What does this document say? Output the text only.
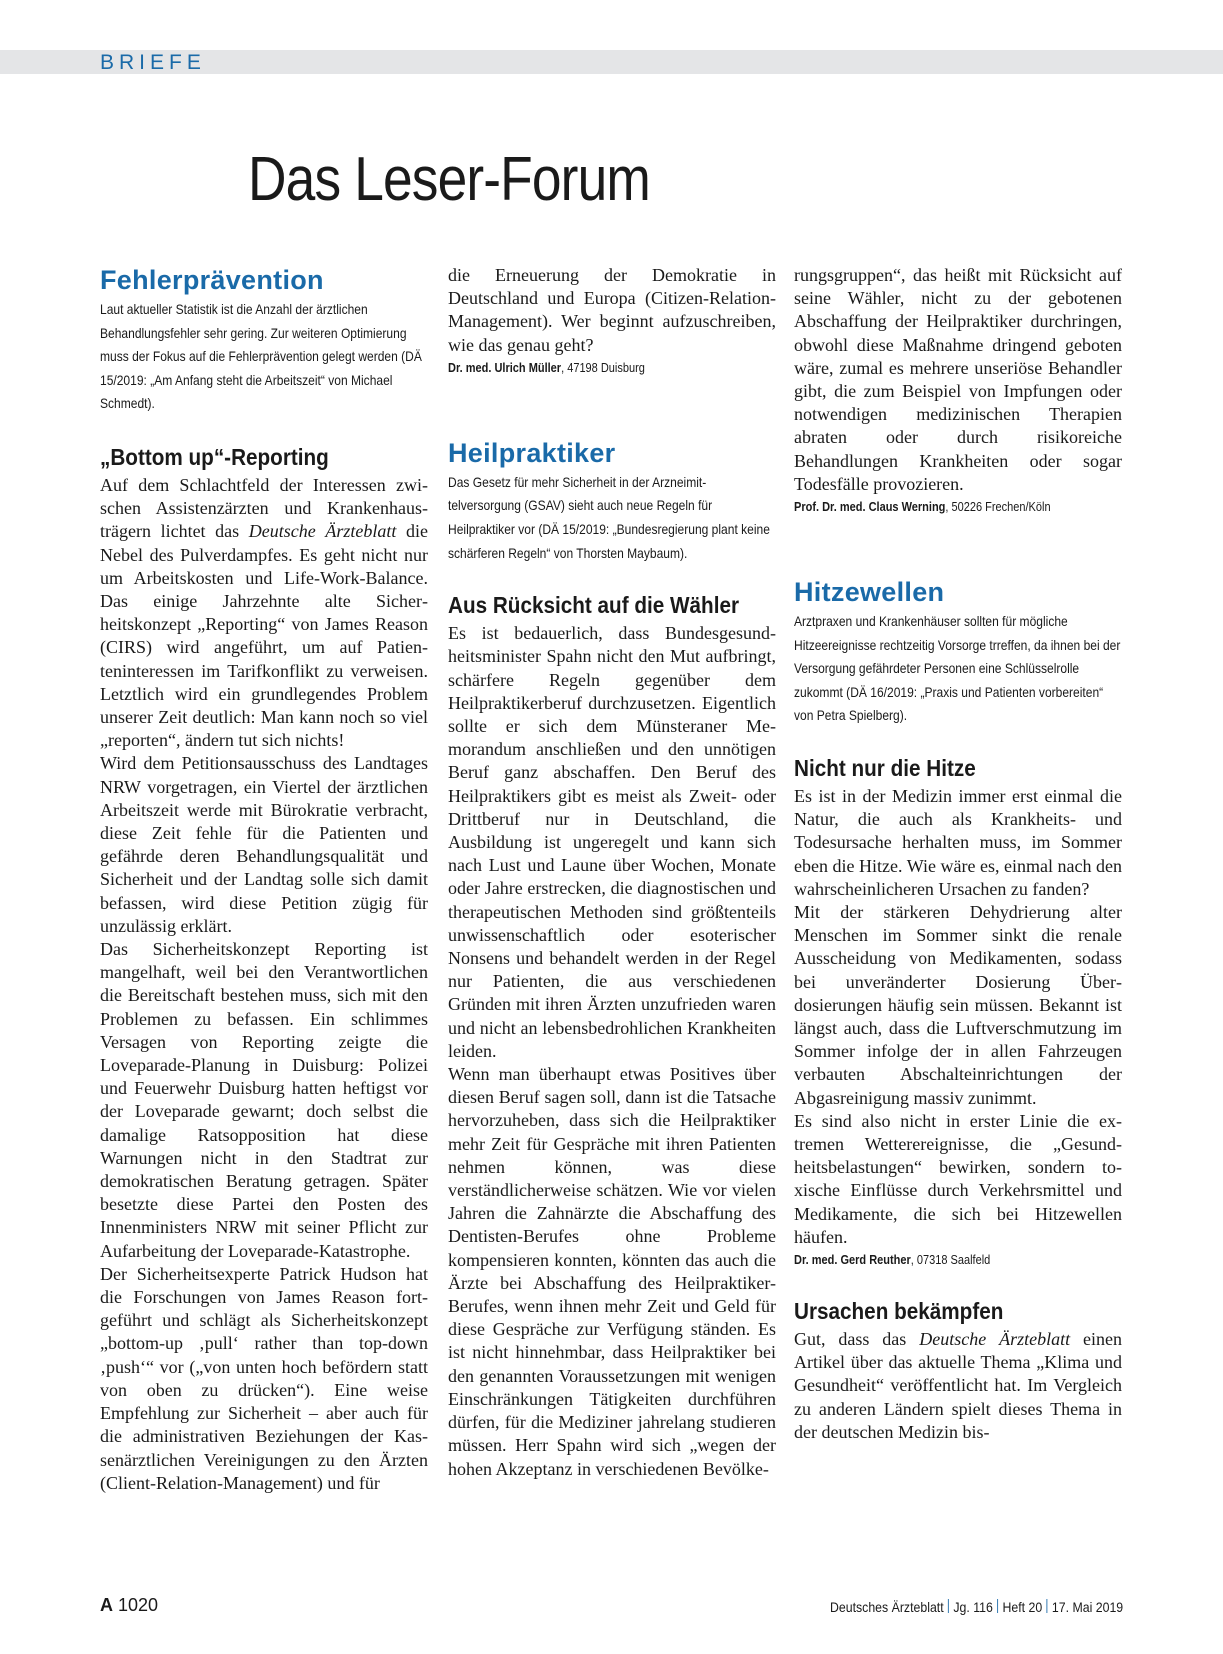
BRIEFE
Das Leser-Forum
Fehlerprävention
Laut aktueller Statistik ist die Anzahl der ärztlichen Behandlungsfehler sehr gering. Zur weiteren Optimierung muss der Fokus auf die Fehlerprävention gelegt werden (DÄ 15/2019: „Am Anfang steht die Arbeitszeit“ von Michael Schmedt).
„Bottom up“-Reporting

Auf dem Schlachtfeld der Interessen zwischen Assistenzärzten und Krankenhausträgern lichtet das Deutsche Ärzteblatt die Nebel des Pulverdampfes. Es geht nicht nur um Arbeitskosten und Life-Work-Balance. Das einige Jahrzehnte alte Sicherheitskonzept „Reporting“ von James Reason (CIRS) wird angeführt, um auf Patienteninteressen im Tarifkonflikt zu verweisen. Letztlich wird ein grundlegendes Problem unserer Zeit deutlich: Man kann noch so viel „reporten“, ändern tut sich nichts!

Wird dem Petitionsausschuss des Landtages NRW vorgetragen, ein Viertel der ärztlichen Arbeitszeit werde mit Bürokratie verbracht, diese Zeit fehle für die Patienten und gefährde deren Behandlungsqualität und Sicherheit und der Landtag solle sich damit befassen, wird diese Petition zügig für unzulässig erklärt.

Das Sicherheitskonzept Reporting ist mangelhaft, weil bei den Verantwortlichen die Bereitschaft bestehen muss, sich mit den Problemen zu befassen. Ein schlimmes Versagen von Reporting zeigte die Loveparade-Planung in Duisburg: Polizei und Feuerwehr Duisburg hatten heftigst vor der Loveparade gewarnt; doch selbst die damalige Ratsopposition hat diese Warnungen nicht in den Stadtrat zur demokratischen Beratung getragen. Später besetzte diese Partei den Posten des Innenministers NRW mit seiner Pflicht zur Aufarbeitung der Loveparade-Katastrophe.

Der Sicherheitsexperte Patrick Hudson hat die Forschungen von James Reason fortgeführt und schlägt als Sicherheitskonzept „bottom-up ‚pull‘ rather than top-down ‚push‘“ vor („von unten hoch befördern statt von oben zu drücken“). Eine weise Empfehlung zur Sicherheit – aber auch für die administrativen Beziehungen der Kassenärztlichen Vereinigungen zu den Ärzten (Client-Relation-Management) und für

die Erneuerung der Demokratie in Deutschland und Europa (Citizen-Relation-Management). Wer beginnt aufzuschreiben, wie das genau geht?

Dr. med. Ulrich Müller, 47198 Duisburg
Heilpraktiker
Das Gesetz für mehr Sicherheit in der Arzneimittelversorgung (GSAV) sieht auch neue Regeln für Heilpraktiker vor (DÄ 15/2019: „Bundesregierung plant keine schärferen Regeln“ von Thorsten Maybaum).
Aus Rücksicht auf die Wähler

Es ist bedauerlich, dass Bundesgesundheitsminister Spahn nicht den Mut aufbringt, schärfere Regeln gegenüber dem Heilpraktikerberuf durchzusetzen. Eigentlich sollte er sich dem Münsteraner Memorandum anschließen und den unnötigen Beruf ganz abschaffen. Den Beruf des Heilpraktikers gibt es meist als Zweit- oder Drittberuf nur in Deutschland, die Ausbildung ist ungeregelt und kann sich nach Lust und Laune über Wochen, Monate oder Jahre erstrecken, die diagnostischen und therapeutischen Methoden sind größtenteils unwissenschaftlich oder esoterischer Nonsens und behandelt werden in der Regel nur Patienten, die aus verschiedenen Gründen mit ihren Ärzten unzufrieden waren und nicht an lebensbedrohlichen Krankheiten leiden.

Wenn man überhaupt etwas Positives über diesen Beruf sagen soll, dann ist die Tatsache hervorzuheben, dass sich die Heilpraktiker mehr Zeit für Gespräche mit ihren Patienten nehmen können, was diese verständlicherweise schätzen. Wie vor vielen Jahren die Zahnärzte die Abschaffung des Dentisten-Berufes ohne Probleme kompensieren konnten, könnten das auch die Ärzte bei Abschaffung des Heilpraktiker-Berufes, wenn ihnen mehr Zeit und Geld für diese Gespräche zur Verfügung ständen. Es ist nicht hinnehmbar, dass Heilpraktiker bei den genannten Voraussetzungen mit wenigen Einschränkungen Tätigkeiten durchführen dürfen, für die Mediziner jahrelang studieren müssen. Herr Spahn wird sich „wegen der hohen Akzeptanz in verschiedenen Bevölke-

rungsgruppen“, das heißt mit Rücksicht auf seine Wähler, nicht zu der gebotenen Abschaffung der Heilpraktiker durchringen, obwohl diese Maßnahme dringend geboten wäre, zumal es mehrere unseriöse Behandler gibt, die zum Beispiel von Impfungen oder notwendigen medizinischen Therapien abraten oder durch risikoreiche Behandlungen Krankheiten oder sogar Todesfälle provozieren.

Prof. Dr. med. Claus Werning, 50226 Frechen/Köln
Hitzewellen
Arztpraxen und Krankenhäuser sollten für mögliche Hitzeereignisse rechtzeitig Vorsorge trreffen, da ihnen bei der Versorgung gefährdeter Personen eine Schlüsselrolle zukommt (DÄ 16/2019: „Praxis und Patienten vorbereiten“ von Petra Spielberg).
Nicht nur die Hitze

Es ist in der Medizin immer erst einmal die Natur, die auch als Krankheits- und Todesursache herhalten muss, im Sommer eben die Hitze. Wie wäre es, einmal nach den wahrscheinlicheren Ursachen zu fanden?

Mit der stärkeren Dehydrierung alter Menschen im Sommer sinkt die renale Ausscheidung von Medikamenten, sodass bei unveränderter Dosierung Überdosierungen häufig sein müssen. Bekannt ist längst auch, dass die Luftverschmutzung im Sommer infolge der in allen Fahrzeugen verbauten Abschalteinrichtungen der Abgasreinigung massiv zunimmt.

Es sind also nicht in erster Linie die extremen Wetterereignisse, die „Gesundheitsbelastungen“ bewirken, sondern toxische Einflüsse durch Verkehrsmittel und Medikamente, die sich bei Hitzewellen häufen.

Dr. med. Gerd Reuther, 07318 Saalfeld
Ursachen bekämpfen

Gut, dass das Deutsche Ärzteblatt einen Artikel über das aktuelle Thema „Klima und Gesundheit“ veröffentlicht hat. Im Vergleich zu anderen Ländern spielt dieses Thema in der deutschen Medizin bis-

A 1020	Deutsches Ärzteblatt Jg. 116 Heft 20 17. Mai 2019
